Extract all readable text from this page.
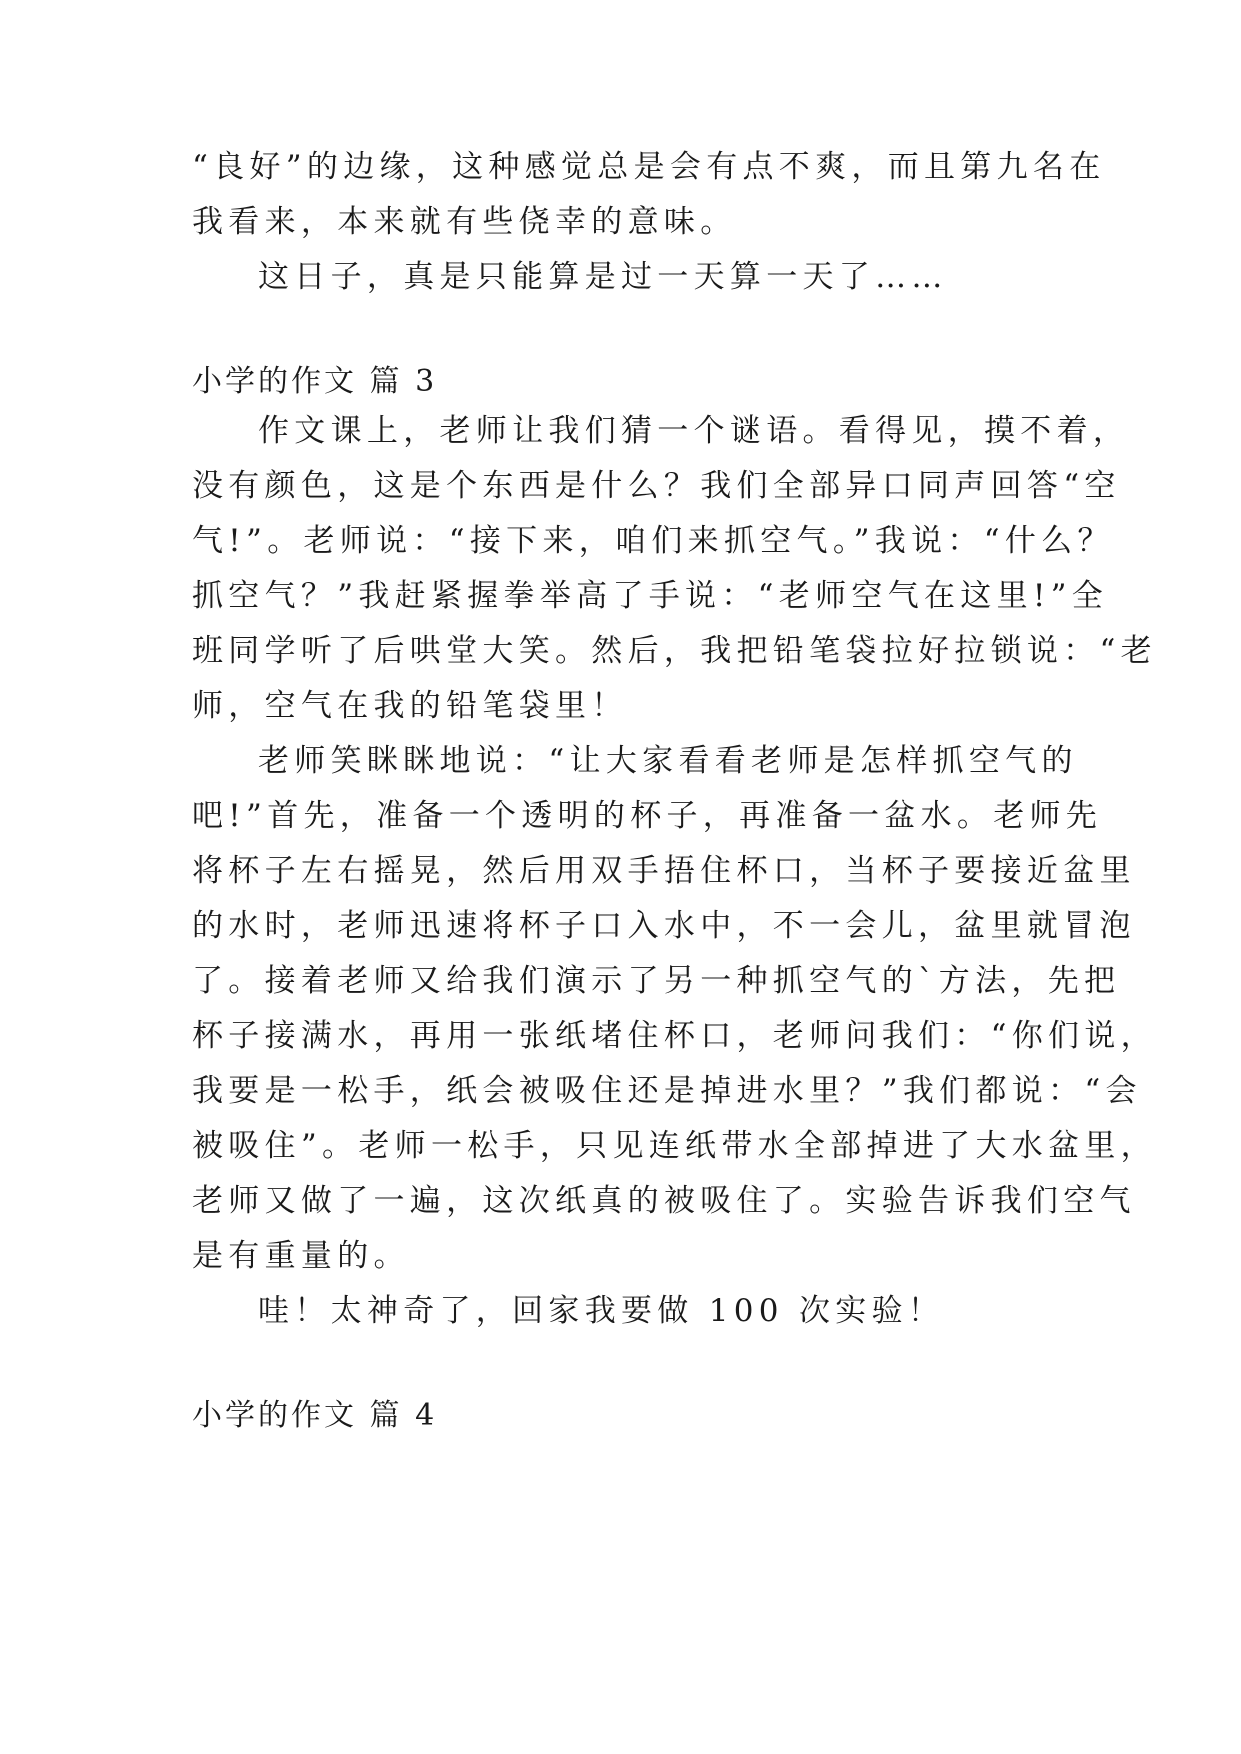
“良好”的边缘，这种感觉总是会有点不爽，而且第九名在
我看来，本来就有些侥幸的意味。
这日子，真是只能算是过一天算一天了……
小学的作文 篇 3
作文课上，老师让我们猜一个谜语。看得见，摸不着，
没有颜色，这是个东西是什么？我们全部异口同声回答“空
气!”。老师说：“接下来，咱们来抓空气。”我说：“什么？
抓空气？”我赶紧握拳举高了手说：“老师空气在这里!”全
班同学听了后哄堂大笑。然后，我把铅笔袋拉好拉锁说：“老
师，空气在我的铅笔袋里！
老师笑眯眯地说：“让大家看看老师是怎样抓空气的
吧!”首先，准备一个透明的杯子，再准备一盆水。老师先
将杯子左右摇晃，然后用双手捂住杯口，当杯子要接近盆里
的水时，老师迅速将杯子口入水中，不一会儿，盆里就冒泡
了。接着老师又给我们演示了另一种抓空气的`方法，先把
杯子接满水，再用一张纸堵住杯口，老师问我们：“你们说，
我要是一松手，纸会被吸住还是掉进水里？”我们都说：“会
被吸住”。老师一松手，只见连纸带水全部掉进了大水盆里，
老师又做了一遍，这次纸真的被吸住了。实验告诉我们空气
是有重量的。
哇！太神奇了，回家我要做 100 次实验！
小学的作文 篇 4
